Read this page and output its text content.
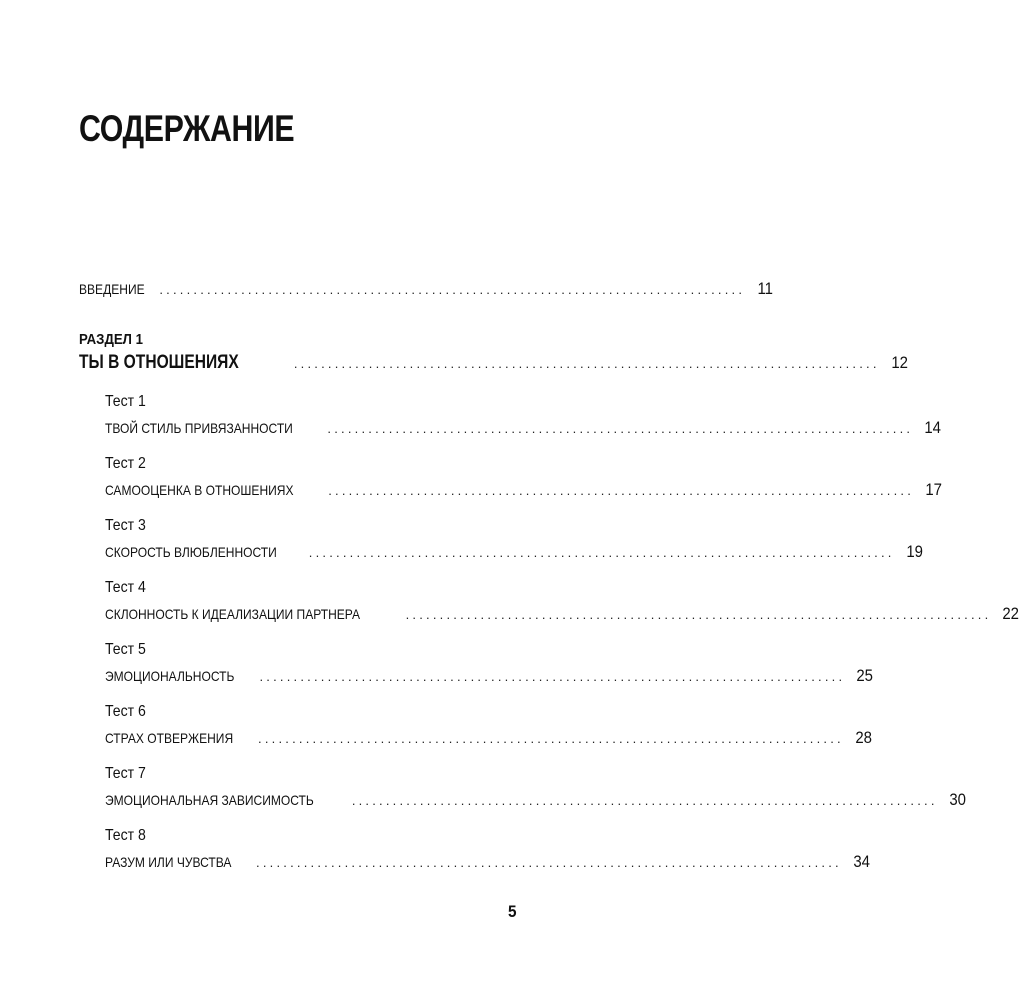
СОДЕРЖАНИЕ
ВВЕДЕНИЕ ...................................................................................... 11
РАЗДЕЛ 1
ТЫ В ОТНОШЕНИЯХ	...................................................................................... 12
Тест 1
ТВОЙ СТИЛЬ ПРИВЯЗАННОСТИ	...................................................................................... 14
Тест 2
САМООЦЕНКА В ОТНОШЕНИЯХ	...................................................................................... 17
Тест 3
СКОРОСТЬ ВЛЮБЛЕННОСТИ ...................................................................................... 19
Тест 4
СКЛОННОСТЬ К ИДЕАЛИЗАЦИИ ПАРТНЕРА	...................................................................................... 22
Тест 5
ЭМОЦИОНАЛЬНОСТЬ ...................................................................................... 25
Тест 6
СТРАХ ОТВЕРЖЕНИЯ ...................................................................................... 28
Тест 7
ЭМОЦИОНАЛЬНАЯ ЗАВИСИМОСТЬ	...................................................................................... 30
Тест 8
РАЗУМ ИЛИ ЧУВСТВА ...................................................................................... 34
5
